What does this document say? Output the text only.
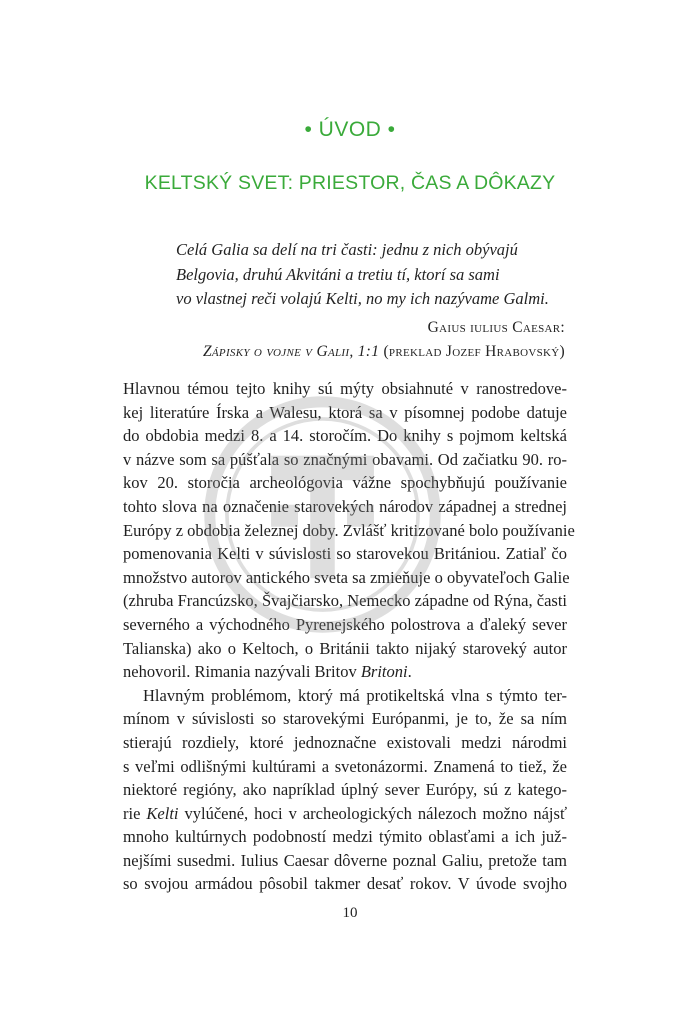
• ÚVOD •
KELTSKÝ SVET: PRIESTOR, ČAS A DÔKAZY
Celá Galia sa delí na tri časti: jednu z nich obývajú
Belgovia, druhú Akvitáni a tretiu tí, ktorí sa sami
vo vlastnej reči volajú Kelti, no my ich nazývame Galmi.
Gaius iulius Caesar:
Zápisky o vojne v Galii, 1:1 (preklad Jozef Hrabovský)
Hlavnou témou tejto knihy sú mýty obsiahnuté v ranostredove-
kej literatúre Írska a Walesu, ktorá sa v písomnej podobe datuje
do obdobia medzi 8. a 14. storočím. Do knihy s pojmom keltská
v názve som sa púšťala so značnými obavami. Od začiatku 90. ro-
kov 20. storočia archeológovia vážne spochybňujú používanie
tohto slova na označenie starovekých národov západnej a strednej
Európy z obdobia železnej doby. Zvlášť kritizované bolo používanie
pomenovania Kelti v súvislosti so starovekou Britániou. Zatiaľ čo
množstvo autorov antického sveta sa zmieňuje o obyvateľoch Galie
(zhruba Francúzsko, Švajčiarsko, Nemecko západne od Rýna, časti
severného a východného Pyrenejského polostrova a ďaleký sever
Talianska) ako o Keltoch, o Británii takto nijaký staroveký autor
nehovoril. Rimania nazývali Britov Britoni.
Hlavným problémom, ktorý má protikeltská vlna s týmto ter-
mínom v súvislosti so starovekými Európanmi, je to, že sa ním
stierajú rozdiely, ktoré jednoznačne existovali medzi národmi
s veľmi odlišnými kultúrami a svetonázormi. Znamená to tiež, že
niektoré regióny, ako napríklad úplný sever Európy, sú z katego-
rie Kelti vylúčené, hoci v archeologických nálezoch možno nájsť
mnoho kultúrnych podobností medzi týmito oblasťami a ich juž-
nejšími susedmi. Iulius Caesar dôverne poznal Galiu, pretože tam
so svojou armádou pôsobil takmer desať rokov. V úvode svojho
10
